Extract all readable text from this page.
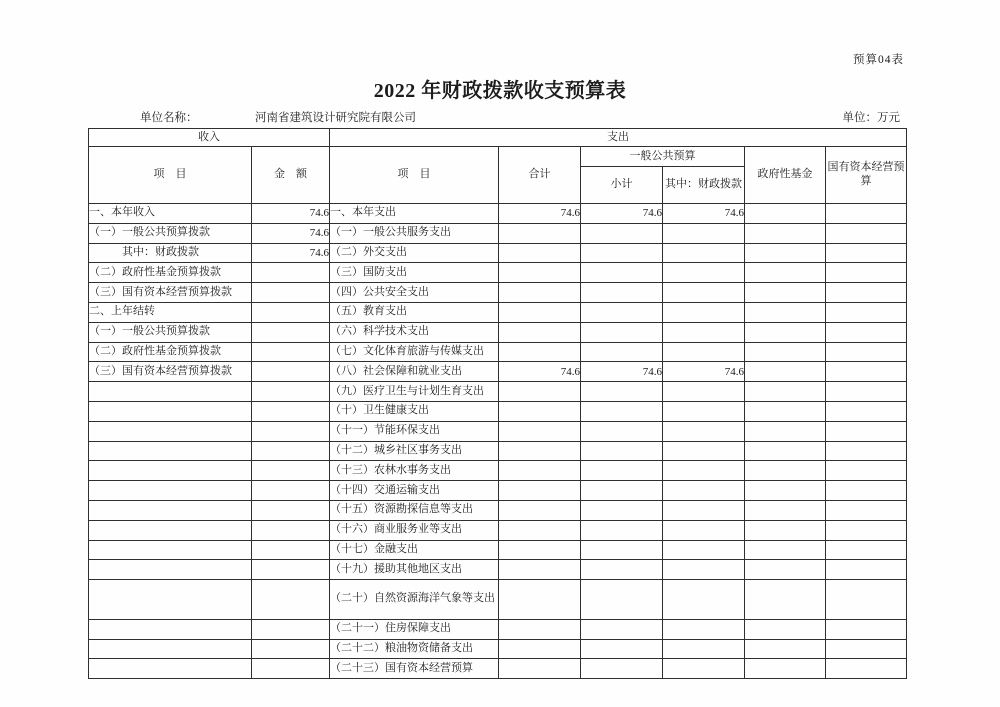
预算04表
2022 年财政拨款收支预算表
单位名称：	河南省建筑设计研究院有限公司	单位：万元
收入		支出					
项　目	金　额	项　目	合计	一般公共预算		政府性基金	国有资本经营预算
				小计	其中：财政拨款		
一、本年收入	74.6	一、本年支出	74.6	74.6	74.6		
（一）一般公共预算拨款	74.6	（一）一般公共服务支出					
其中：财政拨款	74.6	（二）外交支出					
（二）政府性基金预算拨款		（三）国防支出					
（三）国有资本经营预算拨款		（四）公共安全支出					
二、上年结转		（五）教育支出					
（一）一般公共预算拨款		（六）科学技术支出					
（二）政府性基金预算拨款		（七）文化体育旅游与传媒支出					
（三）国有资本经营预算拨款		（八）社会保障和就业支出	74.6	74.6	74.6		
		（九）医疗卫生与计划生育支出					
		（十）卫生健康支出					
		（十一）节能环保支出					
		（十二）城乡社区事务支出					
		（十三）农林水事务支出					
		（十四）交通运输支出					
		（十五）资源勘探信息等支出					
		（十六）商业服务业等支出					
		（十七）金融支出					
		（十九）援助其他地区支出					
		（二十）自然资源海洋气象等支出					
		（二十一）住房保障支出					
		（二十二）粮油物资储备支出					
		（二十三）国有资本经营预算					
